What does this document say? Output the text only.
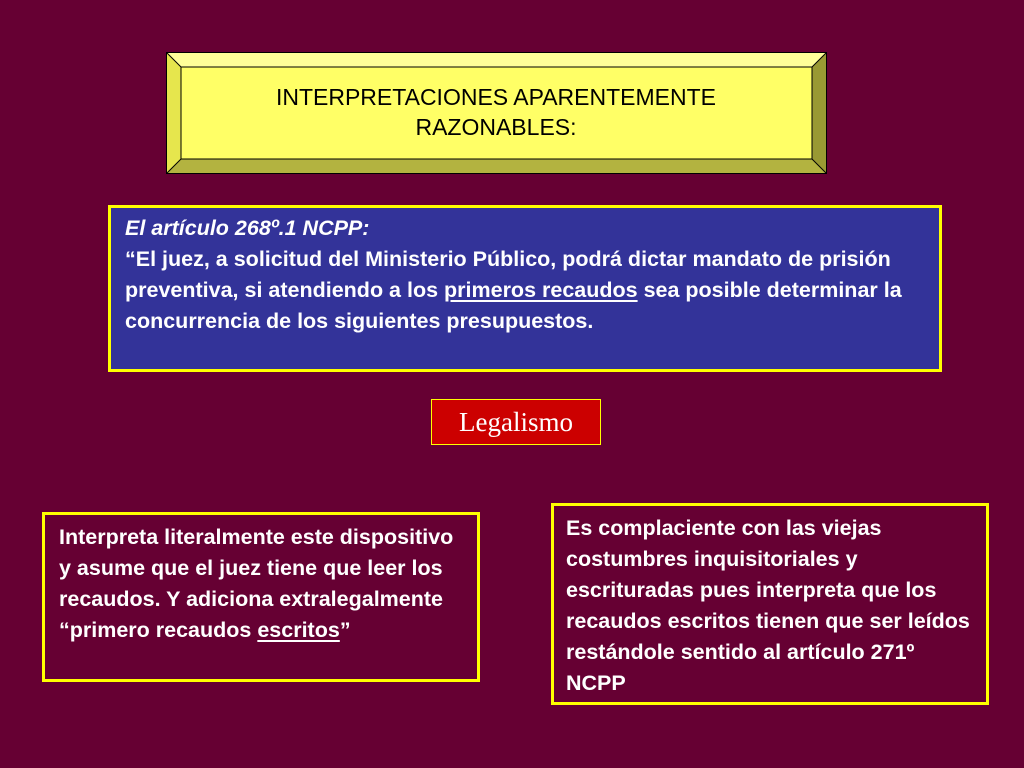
INTERPRETACIONES APARENTEMENTE RAZONABLES:
El artículo 268º.1 NCPP:
“El juez, a solicitud del Ministerio Público, podrá dictar mandato de prisión preventiva, si atendiendo a los primeros recaudos sea posible determinar la concurrencia de los siguientes presupuestos.
Legalismo
Interpreta literalmente este dispositivo y asume que el juez tiene que leer los recaudos. Y adiciona extralegalmente “primero recaudos escritos”
Es complaciente con las viejas costumbres inquisitoriales y escrituradas pues interpreta que los recaudos escritos tienen que ser leídos restándole sentido al artículo 271º NCPP
